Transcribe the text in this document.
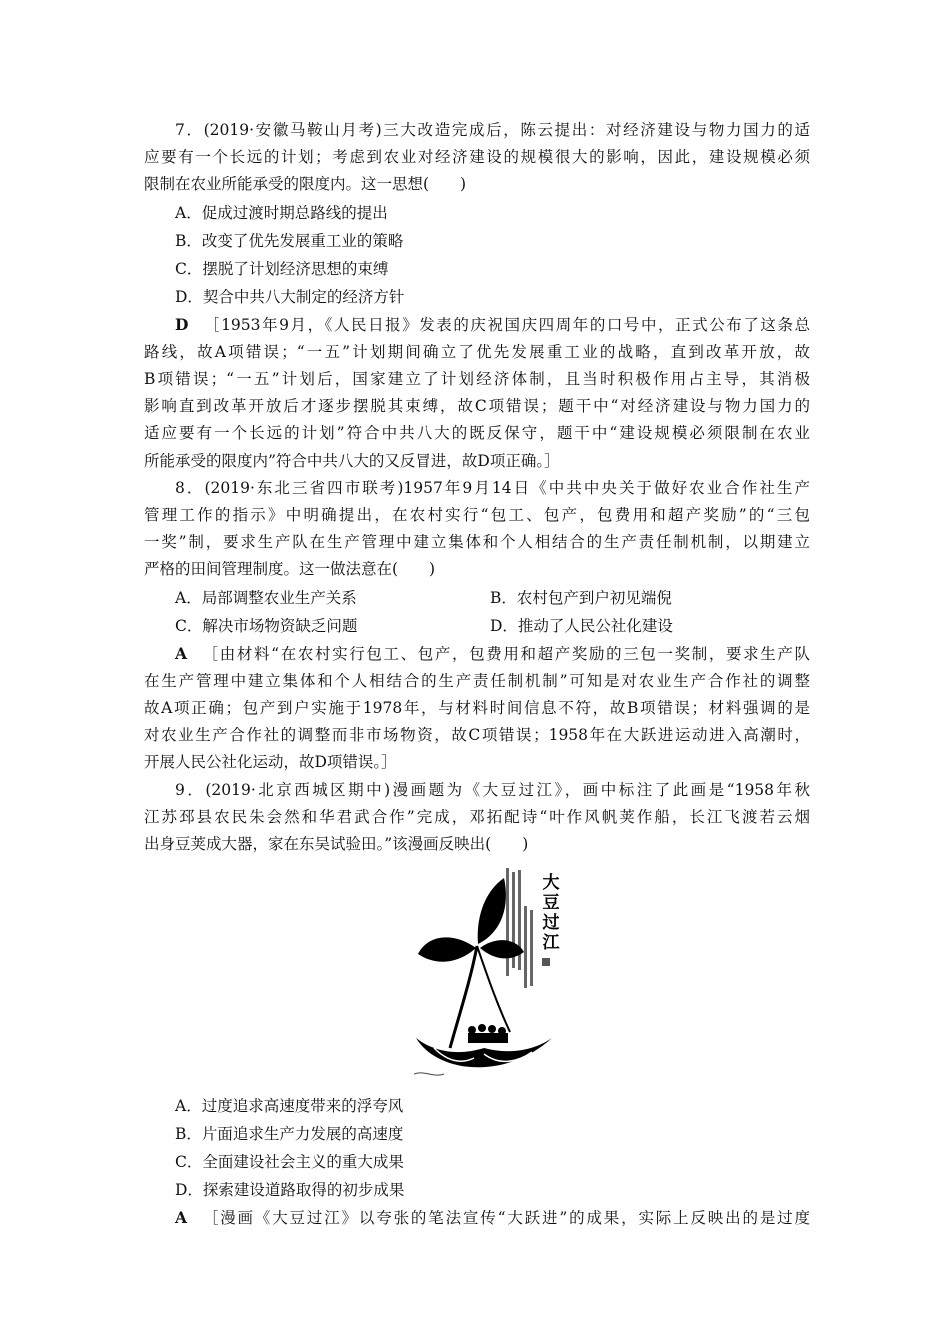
7．(2019·安徽马鞍山月考)三大改造完成后，陈云提出：对经济建设与物力国力的适

应要有一个长远的计划；考虑到农业对经济建设的规模很大的影响，因此，建设规模必须

限制在农业所能承受的限度内。这一思想(　　)

A．促成过渡时期总路线的提出

B．改变了优先发展重工业的策略

C．摆脱了计划经济思想的束缚

D．契合中共八大制定的经济方针

D ［1953年9月，《人民日报》发表的庆祝国庆四周年的口号中，正式公布了这条总

路线，故A项错误；“一五”计划期间确立了优先发展重工业的战略，直到改革开放，故

B项错误；“一五”计划后，国家建立了计划经济体制，且当时积极作用占主导，其消极

影响直到改革开放后才逐步摆脱其束缚，故C项错误；题干中“对经济建设与物力国力的

适应要有一个长远的计划”符合中共八大的既反保守，题干中“建设规模必须限制在农业

所能承受的限度内”符合中共八大的又反冒进，故D项正确。］

8．(2019·东北三省四市联考)1957年9月14日《中共中央关于做好农业合作社生产

管理工作的指示》中明确提出，在农村实行“包工、包产，包费用和超产奖励”的“三包

一奖”制，要求生产队在生产管理中建立集体和个人相结合的生产责任制机制，以期建立

严格的田间管理制度。这一做法意在(　　)

A．局部调整农业生产关系	B．农村包产到户初见端倪
C．解决市场物资缺乏问题	D．推动了人民公社化建设

A ［由材料“在农村实行包工、包产，包费用和超产奖励的三包一奖制，要求生产队

在生产管理中建立集体和个人相结合的生产责任制机制”可知是对农业生产合作社的调整

故A项正确；包产到户实施于1978年，与材料时间信息不符，故B项错误；材料强调的是

对农业生产合作社的调整而非市场物资，故C项错误；1958年在大跃进运动进入高潮时，

开展人民公社化运动，故D项错误。］

9．(2019·北京西城区期中)漫画题为《大豆过江》，画中标注了此画是“1958年秋

江苏邳县农民朱会然和华君武合作”完成，邓拓配诗“叶作风帆荚作船，长江飞渡若云烟

出身豆荚成大器，家在东吴试验田。”该漫画反映出(　　)

大
豆
过
江

A．过度追求高速度带来的浮夸风

B．片面追求生产力发展的高速度

C．全面建设社会主义的重大成果

D．探索建设道路取得的初步成果

A ［漫画《大豆过江》以夸张的笔法宣传“大跃进”的成果，实际上反映出的是过度
